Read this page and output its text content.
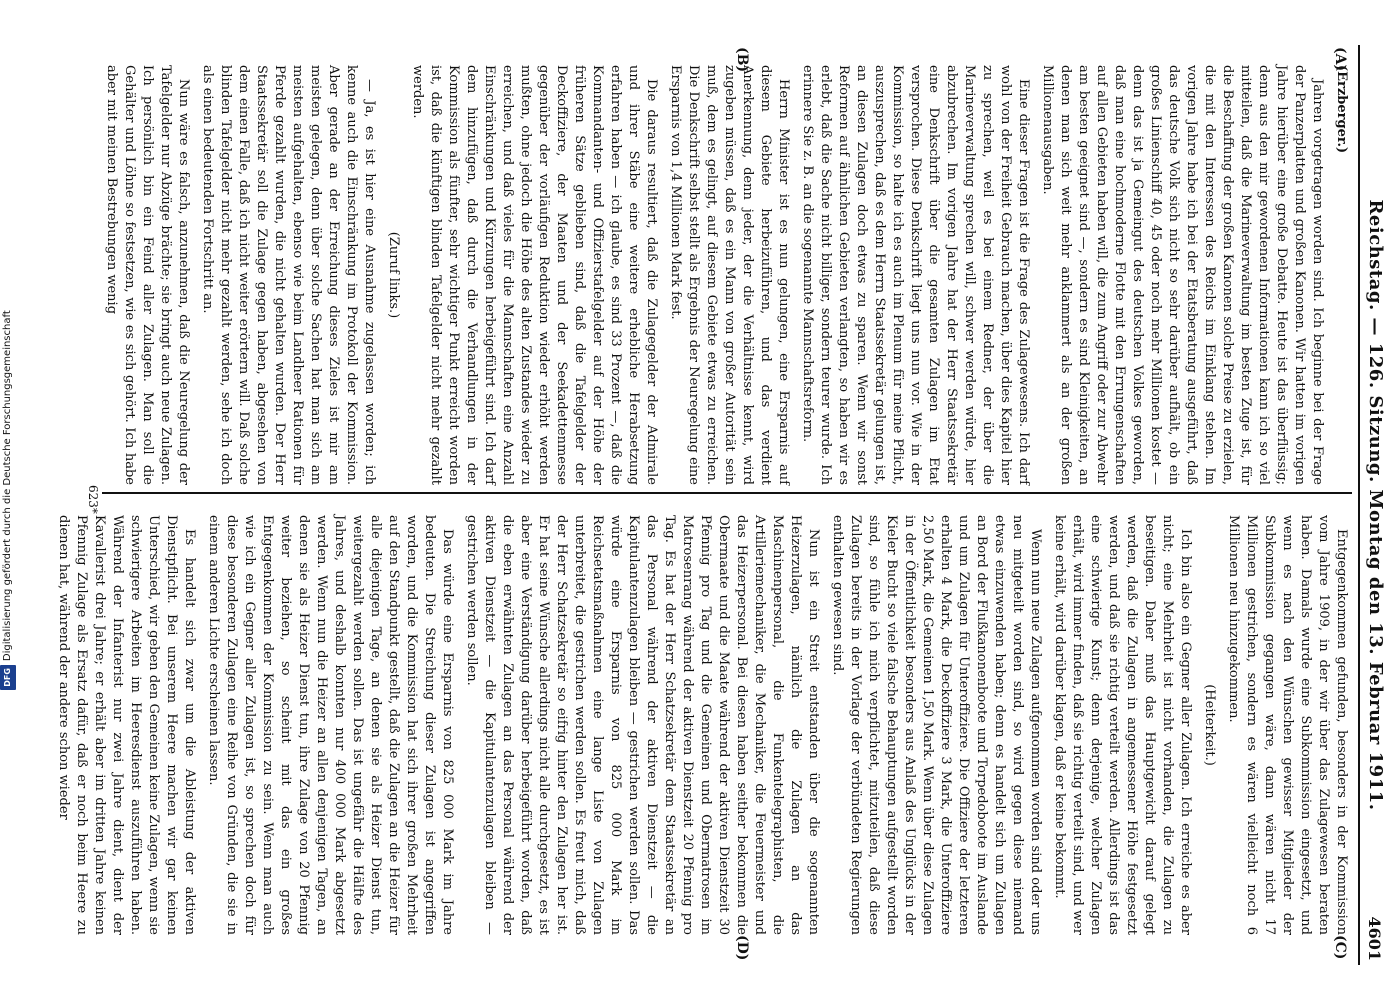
DFGDigitalisierung gefördert durch die Deutsche Forschungsgemeinschaft	Reichstag. — 126. Sitzung. Montag den 13. Februar 1911.
4601
(A)
(B)
(C)
(D)

(Erzberger.)

Jahren vorgetragen worden sind. Ich beginne bei der Frage der Panzerplatten und großen Kanonen. Wir hatten im vorigen Jahre hierüber eine große Debatte. Heute ist das überflüssig; denn aus den mir gewordenen Informationen kann ich so viel mitteilen, daß die Marineverwaltung im besten Zuge ist, für die Beschaffung der großen Kanonen solche Preise zu erzielen, die mit den Interessen des Reichs im Einklang stehen. Im vorigen Jahre habe ich bei der Etatsberatung ausgeführt, daß das deutsche Volk sich nicht so sehr darüber aufhält, ob ein großes Linienschiff 40, 45 oder noch mehr Millionen kostet — denn das ist ja Gemeingut des deutschen Volkes geworden, daß man eine hochmoderne Flotte mit den Errungenschaften auf allen Gebieten haben will, die zum Angriff oder zur Abwehr am besten geeignet sind —, sondern es sind Kleinigkeiten, an denen man sich weit mehr anklammert als an der großen Millionenausgaben.

Eine dieser Fragen ist die Frage des Zulagewesens. Ich darf wohl von der Freiheit Gebrauch machen, über dies Kapitel hier zu sprechen, weil es bei einem Redner, der über die Marineverwaltung sprechen will, schwer werden würde, hier abzubrechen. Im vorigen Jahre hat der Herr Staatssekretär eine Denkschrift über die gesamten Zulagen im Etat versprochen. Diese Denkschrift liegt uns nun vor. Wie in der Kommission, so halte ich es auch im Plenum für meine Pflicht, auszusprechen, daß es dem Herrn Staatssekretär gelungen ist, an diesen Zulagen doch etwas zu sparen. Wenn wir sonst Reformen auf ähnlichen Gebieten verlangten, so haben wir es erlebt, daß die Sache nicht billiger, sondern teurer wurde. Ich erinnere Sie z. B. an die sogenannte Mannschaftsreform.

Herrn Minister ist es nun gelungen, eine Ersparnis auf diesem Gebiete herbeizuführen, und das verdient Anerkennung, denn jeder, der die Verhältnisse kennt, wird zugeben müssen, daß es ein Mann von großer Autorität sein muß, dem es gelingt, auf diesem Gebiete etwas zu erreichen. Die Denkschrift selbst stellt als Ergebnis der Neuregelung eine Ersparnis von 1,4 Millionen Mark fest.

Die daraus resultiert, daß die Zulagegelder der Admirale und ihrer Stäbe eine weitere erhebliche Herabsetzung erfahren haben — ich glaube, es sind 33 Prozent —, daß die Kommandanten- und Offizierstafelgelder auf der Höhe der früheren Sätze geblieben sind, daß die Tafelgelder der Deckoffiziere, der Maaten und der Seekadettenmesse gegenüber der vorläufigen Reduktion wieder erhöht werden mußten, ohne jedoch die Höhe des alten Zustandes wieder zu erreichen, und daß vieles für die Mannschaften eine Anzahl Einschränkungen und Kürzungen herbeigeführt sind. Ich darf dem hinzufügen, daß durch die Verhandlungen in der Kommission als fünfter, sehr wichtiger Punkt erreicht worden ist, daß die künftigen blinden Tafelgelder nicht mehr gezahlt werden.

(Zuruf links.)

— Ja, es ist hier eine Ausnahme zugelassen worden; ich kenne auch die Einschränkung im Protokoll der Kommission. Aber gerade an der Erreichung dieses Zieles ist mir am meisten gelegen, denn über solche Sachen hat man sich am meisten aufgehalten, ebenso wie beim Landheer Rationen für Pferde gezahlt wurden, die nicht gehalten wurden. Der Herr Staatssekretär soll die Zulage gegen haben, abgesehen von dem einen Falle, daß ich nicht weiter erörtern will. Daß solche blinden Tafelgelder nicht mehr gezahlt werden, sehe ich doch als einen bedeutenden Fortschritt an.

Nun wäre es falsch, anzunehmen, daß die Neuregelung der Tafelgelder nur Abzüge brächte; sie bringt auch neue Zulagen. Ich persönlich bin ein Feind aller Zulagen. Man soll die Gehälter und Löhne so festsetzen, wie es sich gehört. Ich habe aber mit meinen Bestrebungen wenig

Entgegenkommen gefunden, besonders in der Kommission vom Jahre 1909, in der wir über das Zulagewesen beraten haben. Damals wurde eine Subkommission eingesetzt, und wenn es nach den Wünschen gewisser Mitglieder der Subkommission gegangen wäre, dann wären nicht 17 Millionen gestrichen, sondern es wären vielleicht noch 6 Millionen neu hinzugekommen.

(Heiterkeit.)

Ich bin also ein Gegner aller Zulagen. Ich erreiche es aber nicht; eine Mehrheit ist nicht vorhanden, die Zulagen zu beseitigen. Daher muß das Hauptgewicht darauf gelegt werden, daß die Zulagen in angemessener Höhe festgesetzt werden, und daß sie richtig verteilt werden. Allerdings ist das eine schwierige Kunst; denn derjenige, welcher Zulagen erhält, wird immer finden, daß sie richtig verteilt sind, und wer keine erhält, wird darüber klagen, daß er keine bekommt.

Wenn nun neue Zulagen aufgenommen worden sind oder uns neu mitgeteilt worden sind, so wird gegen diese niemand etwas einzuwenden haben; denn es handelt sich um Zulagen an Bord der Flußkanonenboote und Torpedoboote im Auslande und um Zulagen für Unteroffiziere. Die Offiziere der letzteren erhalten 4 Mark, die Deckoffiziere 3 Mark, die Unteroffiziere 2,50 Mark, die Gemeinen 1,50 Mark. Wenn über diese Zulagen in der Öffentlichkeit besonders aus Anlaß des Unglücks in der Kieler Bucht so viele falsche Behauptungen aufgestellt worden sind, so fühle ich mich verpflichtet, mitzuteilen, daß diese Zulagen bereits in der Vorlage der verbündeten Regierungen enthalten gewesen sind.

Nun ist ein Streit entstanden über die sogenannten Heizerzulagen, nämlich die Zulagen an das Maschinenpersonal, die Funkentelegraphisten, die Artilleriemechaniker, die Mechaniker, die Feuermeister und das Heizerpersonal. Bei diesen haben seither bekommen die Obermaate und die Maate während der aktiven Dienstzeit 30 Pfennig pro Tag und die Gemeinen und Obermatrosen im Matrosenrang während der aktiven Dienstzeit 20 Pfennig pro Tag. Es hat der Herr Schatzsekretär dem Staatssekretär an das Personal während der aktiven Dienstzeit — die Kapitulantenzulagen bleiben — gestrichen werden sollen. Das würde eine Ersparnis von 825 000 Mark im Reichsetatsmaßnahmen eine lange Liste von Zulagen unterbreitet, die gestrichen werden sollen. Es freut mich, daß der Herr Schatzsekretär so eifrig hinter den Zulagen her ist. Er hat seine Wünsche allerdings nicht alle durchgesetzt, es ist aber eine Verständigung darüber herbeigeführt worden, daß die eben erwähnten Zulagen an das Personal während der aktiven Dienstzeit — die Kapitulantenzulagen bleiben — gestrichen werden sollen.

Das würde eine Ersparnis von 825 000 Mark im Jahre bedeuten. Die Streichung dieser Zulagen ist angegriffen worden, und die Kommission hat sich ihrer großen Mehrheit auf den Standpunkt gestellt, daß die Zulagen an die Heizer für alle diejenigen Tage, an denen sie als Heizer Dienst tun, weitergezahlt werden sollen. Das ist ungefähr die Hälfte des Jahres, und deshalb konnten nur 400 000 Mark abgesetzt werden. Wenn nun die Heizer an allen denjenigen Tagen, an denen sie als Heizer Dienst tun, ihre Zulage von 20 Pfennig weiter beziehen, so scheint mit das ein großes Entgegenkommen der Kommission zu sein. Wenn man auch wie ich ein Gegner aller Zulagen ist, so sprechen doch für diese besonderen Zulagen eine Reihe von Gründen, die sie in einem anderen Lichte erscheinen lassen.

Es handelt sich zwar um die Ableistung der aktiven Dienstpflicht. Bei unserem Heere machen wir gar keinen Unterschied, wir geben den Gemeinen keine Zulagen, wenn sie schwierigere Arbeiten im Heeresdienst auszuführen haben. Während der Infanterist nur zwei Jahre dient, dient der Kavallerist drei Jahre; er erhält aber im dritten Jahre keinen Pfennig Zulage als Ersatz dafür, daß er noch beim Heere zu dienen hat, während der andere schon wieder

623*
